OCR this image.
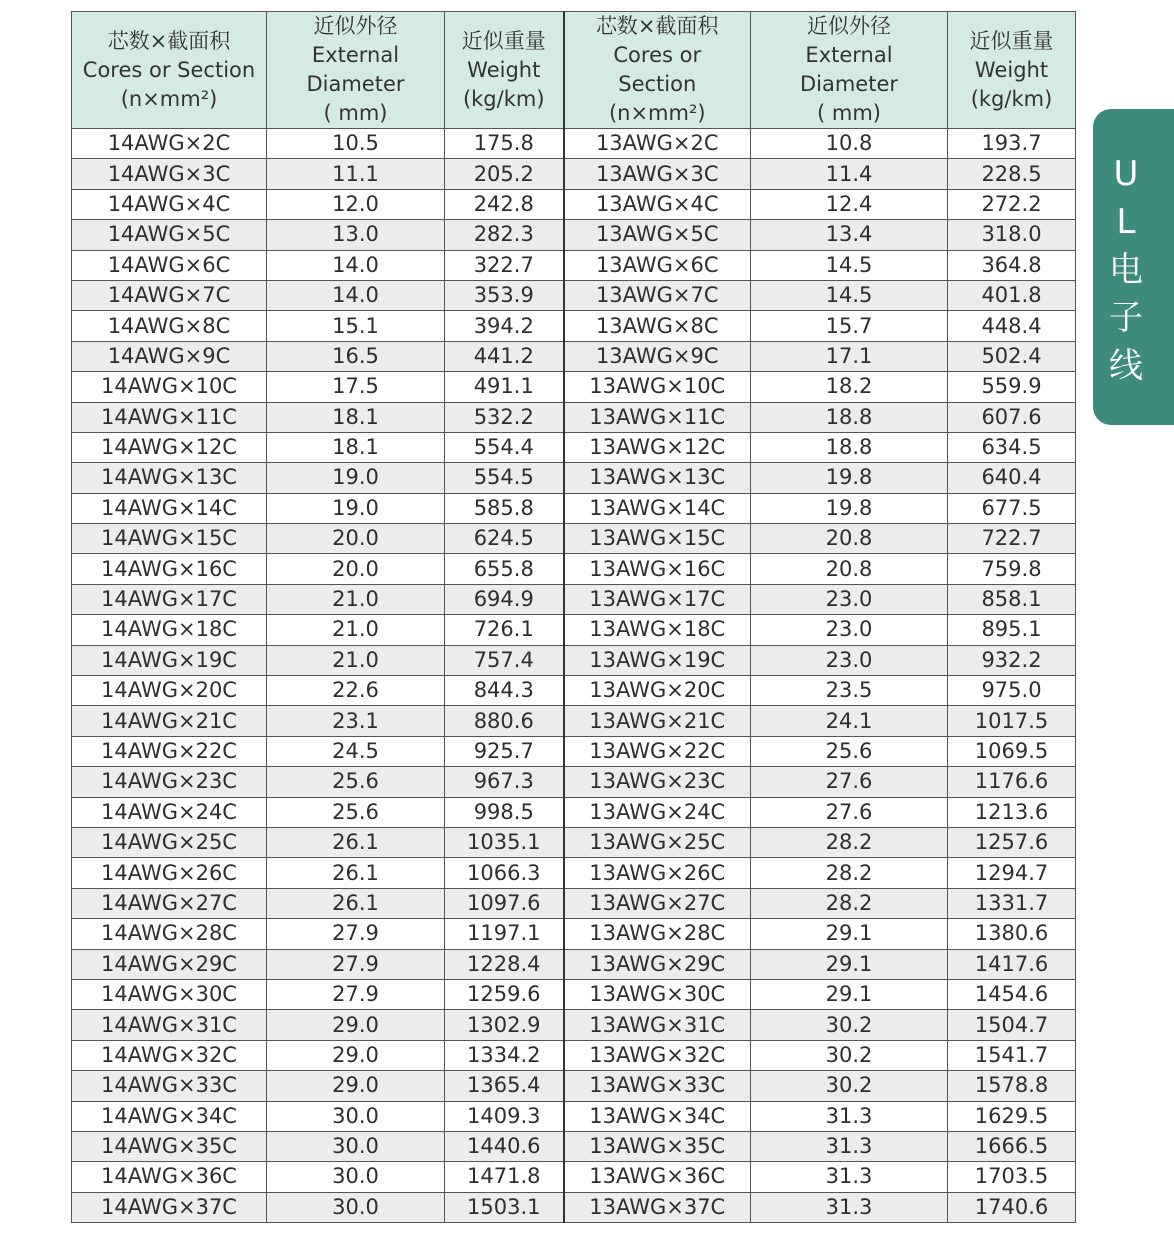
芯数×截面积
Cores or Section
(n×mm²)	近似外径
External
Diameter
( mm)	近似重量
Weight
(kg/km)	芯数×截面积
Cores or
Section
(n×mm²)	近似外径
External
Diameter
( mm)	近似重量
Weight
(kg/km)

14AWG×2C	10.5	175.8	13AWG×2C	10.8	193.7
14AWG×3C	11.1	205.2	13AWG×3C	11.4	228.5
14AWG×4C	12.0	242.8	13AWG×4C	12.4	272.2
14AWG×5C	13.0	282.3	13AWG×5C	13.4	318.0
14AWG×6C	14.0	322.7	13AWG×6C	14.5	364.8
14AWG×7C	14.0	353.9	13AWG×7C	14.5	401.8
14AWG×8C	15.1	394.2	13AWG×8C	15.7	448.4
14AWG×9C	16.5	441.2	13AWG×9C	17.1	502.4
14AWG×10C	17.5	491.1	13AWG×10C	18.2	559.9
14AWG×11C	18.1	532.2	13AWG×11C	18.8	607.6
14AWG×12C	18.1	554.4	13AWG×12C	18.8	634.5
14AWG×13C	19.0	554.5	13AWG×13C	19.8	640.4
14AWG×14C	19.0	585.8	13AWG×14C	19.8	677.5
14AWG×15C	20.0	624.5	13AWG×15C	20.8	722.7
14AWG×16C	20.0	655.8	13AWG×16C	20.8	759.8
14AWG×17C	21.0	694.9	13AWG×17C	23.0	858.1
14AWG×18C	21.0	726.1	13AWG×18C	23.0	895.1
14AWG×19C	21.0	757.4	13AWG×19C	23.0	932.2
14AWG×20C	22.6	844.3	13AWG×20C	23.5	975.0
14AWG×21C	23.1	880.6	13AWG×21C	24.1	1017.5
14AWG×22C	24.5	925.7	13AWG×22C	25.6	1069.5
14AWG×23C	25.6	967.3	13AWG×23C	27.6	1176.6
14AWG×24C	25.6	998.5	13AWG×24C	27.6	1213.6
14AWG×25C	26.1	1035.1	13AWG×25C	28.2	1257.6
14AWG×26C	26.1	1066.3	13AWG×26C	28.2	1294.7
14AWG×27C	26.1	1097.6	13AWG×27C	28.2	1331.7
14AWG×28C	27.9	1197.1	13AWG×28C	29.1	1380.6
14AWG×29C	27.9	1228.4	13AWG×29C	29.1	1417.6
14AWG×30C	27.9	1259.6	13AWG×30C	29.1	1454.6
14AWG×31C	29.0	1302.9	13AWG×31C	30.2	1504.7
14AWG×32C	29.0	1334.2	13AWG×32C	30.2	1541.7
14AWG×33C	29.0	1365.4	13AWG×33C	30.2	1578.8
14AWG×34C	30.0	1409.3	13AWG×34C	31.3	1629.5
14AWG×35C	30.0	1440.6	13AWG×35C	31.3	1666.5
14AWG×36C	30.0	1471.8	13AWG×36C	31.3	1703.5
14AWG×37C	30.0	1503.1	13AWG×37C	31.3	1740.6
U
L
电
子
线
